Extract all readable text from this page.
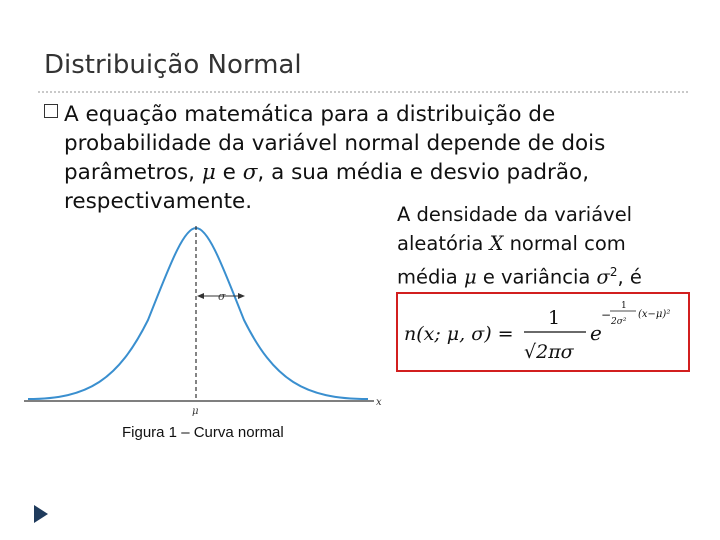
Distribuição Normal
A equação matemática para a distribuição de
probabilidade da variável normal depende de dois
parâmetros, μ e σ, a sua média e desvio padrão,
respectivamente.
σ
μ
x
A densidade da variável
aleatória X normal com
média μ e variância $\sigma^2$, é
n(x; μ, σ) =
1
√2πσ
e
−
1
2σ²
(x−μ)²
Figura 1 – Curva normal
